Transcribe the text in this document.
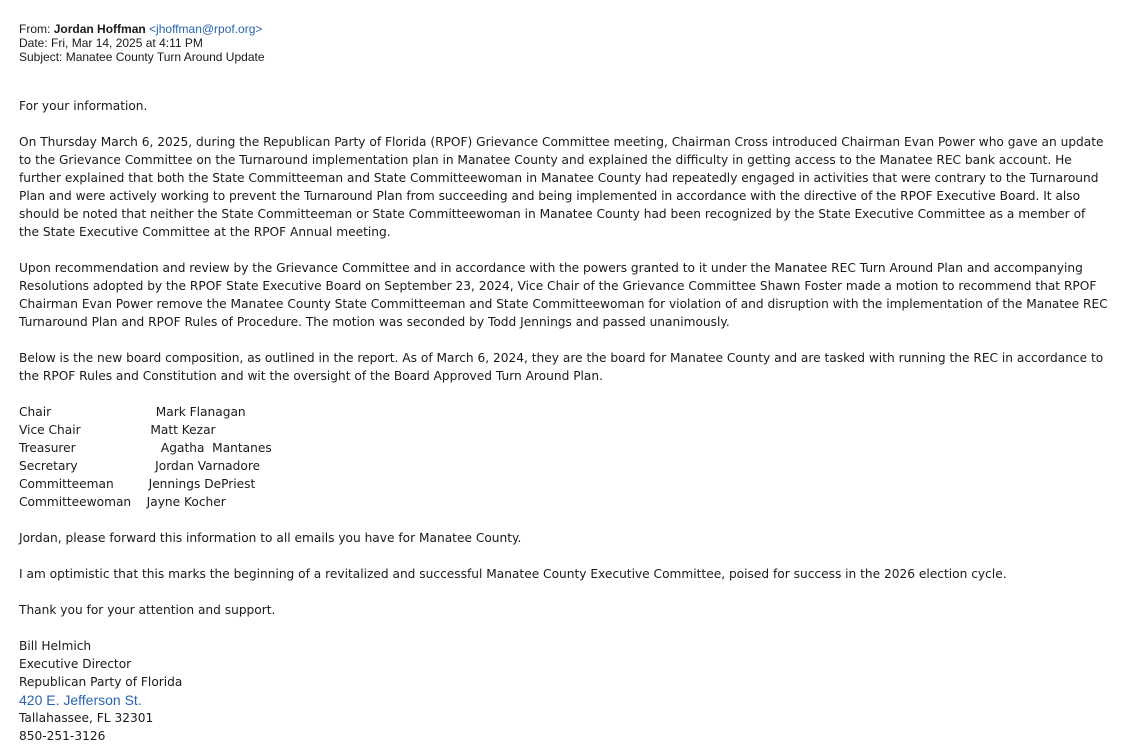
From: Jordan Hoffman <jhoffman@rpof.org>
Date: Fri, Mar 14, 2025 at 4:11 PM
Subject: Manatee County Turn Around Update

For your information.

On Thursday March 6, 2025, during the Republican Party of Florida (RPOF) Grievance Committee meeting, Chairman Cross introduced Chairman Evan Power who gave an update to the Grievance Committee on the Turnaround implementation plan in Manatee County and explained the difficulty in getting access to the Manatee REC bank account. He further explained that both the State Committeeman and State Committeewoman in Manatee County had repeatedly engaged in activities that were contrary to the Turnaround Plan and were actively working to prevent the Turnaround Plan from succeeding and being implemented in accordance with the directive of the RPOF Executive Board. It also should be noted that neither the State Committeeman or State Committeewoman in Manatee County had been recognized by the State Executive Committee as a member of the State Executive Committee at the RPOF Annual meeting.

Upon recommendation and review by the Grievance Committee and in accordance with the powers granted to it under the Manatee REC Turn Around Plan and accompanying Resolutions adopted by the RPOF State Executive Board on September 23, 2024, Vice Chair of the Grievance Committee Shawn Foster made a motion to recommend that RPOF Chairman Evan Power remove the Manatee County State Committeeman and State Committeewoman for violation of and disruption with the implementation of the Manatee REC Turnaround Plan and RPOF Rules of Procedure. The motion was seconded by Todd Jennings and passed unanimously.

Below is the new board composition, as outlined in the report. As of March 6, 2024, they are the board for Manatee County and are tasked with running the REC in accordance to the RPOF Rules and Constitution and wit the oversight of the Board Approved Turn Around Plan.

Chair	Mark Flanagan
Vice Chair	Matt Kezar
Treasurer	Agatha  Mantanes
Secretary	Jordan Varnadore
Committeeman	Jennings DePriest
Committeewoman Jayne Kocher

Jordan, please forward this information to all emails you have for Manatee County.

I am optimistic that this marks the beginning of a revitalized and successful Manatee County Executive Committee, poised for success in the 2026 election cycle.

Thank you for your attention and support.

Bill Helmich
Executive Director
Republican Party of Florida
420 E. Jefferson St.
Tallahassee, FL 32301
850-251-3126
